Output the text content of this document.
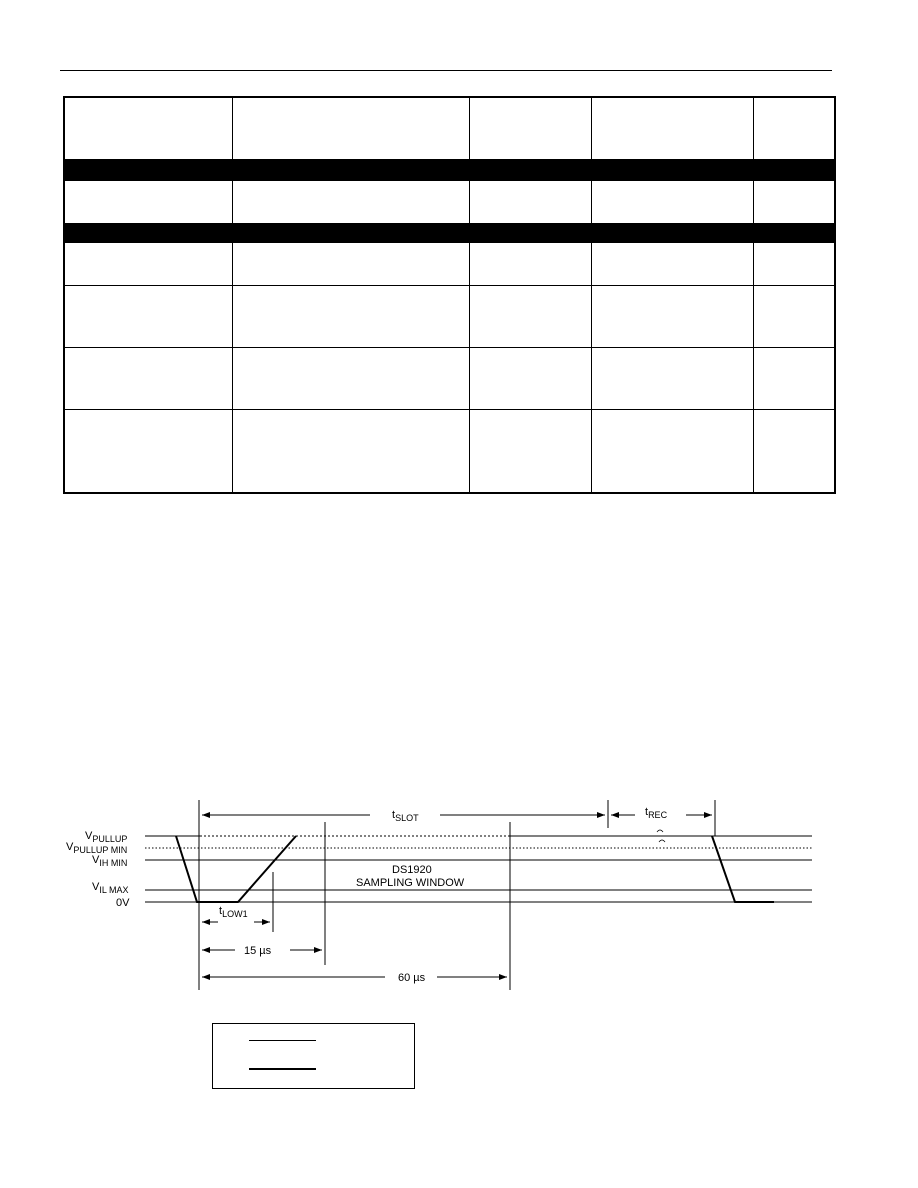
$V_{PULLUP}$
$V_{PULLUP MIN}$
$V_{IH MIN}$
$V_{IL MAX}$
0V
$t_{SLOT}$	$t_{REC}$
$t_{LOW1}$
15 µs
60 µs
DS1920
SAMPLING WINDOW
